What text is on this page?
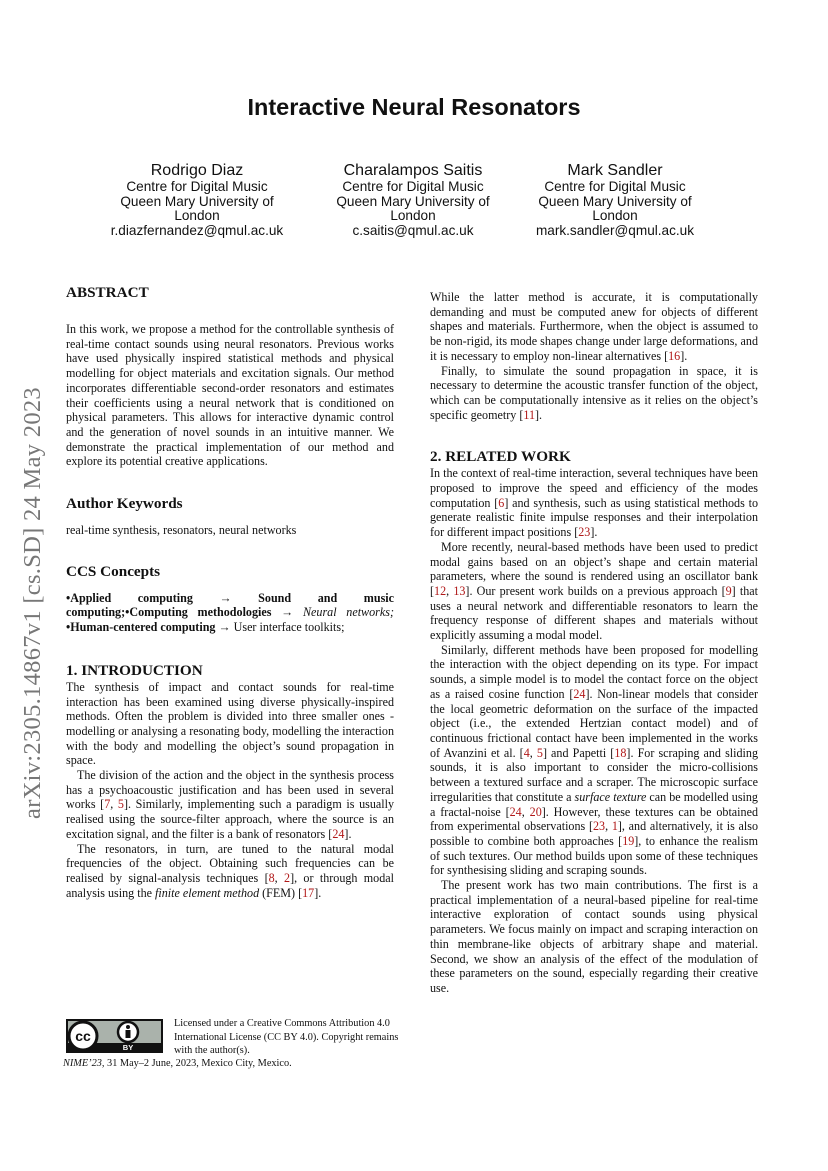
arXiv:2305.14867v1 [cs.SD] 24 May 2023
Interactive Neural Resonators
Rodrigo Diaz
Centre for Digital Music
Queen Mary University of
London
r.diazfernandez@qmul.ac.uk
Charalampos Saitis
Centre for Digital Music
Queen Mary University of
London
c.saitis@qmul.ac.uk
Mark Sandler
Centre for Digital Music
Queen Mary University of
London
mark.sandler@qmul.ac.uk
ABSTRACT

In this work, we propose a method for the controllable synthesis of real-time contact sounds using neural resonators. Previous works have used physically inspired statistical methods and physical modelling for object materials and excitation signals. Our method incorporates differentiable second-order resonators and estimates their coefficients using a neural network that is conditioned on physical parameters. This allows for interactive dynamic control and the generation of novel sounds in an intuitive manner. We demonstrate the practical implementation of our method and explore its potential creative applications.

Author Keywords

real-time synthesis, resonators, neural networks

CCS Concepts

•Applied computing → Sound and music computing;•Computing methodologies → Neural networks; •Human-centered computing → User interface toolkits;

1. INTRODUCTION

The synthesis of impact and contact sounds for real-time interaction has been examined using diverse physically-inspired methods. Often the problem is divided into three smaller ones - modelling or analysing a resonating body, modelling the interaction with the body and modelling the object’s sound propagation in space.

The division of the action and the object in the synthesis process has a psychoacoustic justification and has been used in several works [7, 5]. Similarly, implementing such a paradigm is usually realised using the source-filter approach, where the source is an excitation signal, and the filter is a bank of resonators [24].

The resonators, in turn, are tuned to the natural modal frequencies of the object. Obtaining such frequencies can be realised by signal-analysis techniques [8, 2], or through modal analysis using the finite element method (FEM) [17].

While the latter method is accurate, it is computationally demanding and must be computed anew for objects of different shapes and materials. Furthermore, when the object is assumed to be non-rigid, its mode shapes change under large deformations, and it is necessary to employ non-linear alternatives [16].

Finally, to simulate the sound propagation in space, it is necessary to determine the acoustic transfer function of the object, which can be computationally intensive as it relies on the object’s specific geometry [11].

2. RELATED WORK

In the context of real-time interaction, several techniques have been proposed to improve the speed and efficiency of the modes computation [6] and synthesis, such as using statistical methods to generate realistic finite impulse responses and their interpolation for different impact positions [23].

More recently, neural-based methods have been used to predict modal gains based on an object’s shape and certain material parameters, where the sound is rendered using an oscillator bank [12, 13]. Our present work builds on a previous approach [9] that uses a neural network and differentiable resonators to learn the frequency response of different shapes and materials without explicitly assuming a modal model.

Similarly, different methods have been proposed for modelling the interaction with the object depending on its type. For impact sounds, a simple model is to model the contact force on the object as a raised cosine function [24]. Non-linear models that consider the local geometric deformation on the surface of the impacted object (i.e., the extended Hertzian contact model) and of continuous frictional contact have been implemented in the works of Avanzini et al. [4, 5] and Papetti [18]. For scraping and sliding sounds, it is also important to consider the micro-collisions between a textured surface and a scraper. The microscopic surface irregularities that constitute a surface texture can be modelled using a fractal-noise [24, 20]. However, these textures can be obtained from experimental observations [23, 1], and alternatively, it is also possible to combine both approaches [19], to enhance the realism of such textures. Our method builds upon some of these techniques for synthesising sliding and scraping sounds.

The present work has two main contributions. The first is a practical implementation of a neural-based pipeline for real-time interactive exploration of contact sounds using physical parameters. We focus mainly on impact and scraping interaction on thin membrane-like objects of arbitrary shape and material. Second, we show an analysis of the effect of the modulation of these parameters on the sound, especially regarding their creative use.

cc
BY
Licensed under a Creative Commons Attribution 4.0 International License (CC BY 4.0). Copyright remains with the author(s).
NIME’23, 31 May–2 June, 2023, Mexico City, Mexico.
